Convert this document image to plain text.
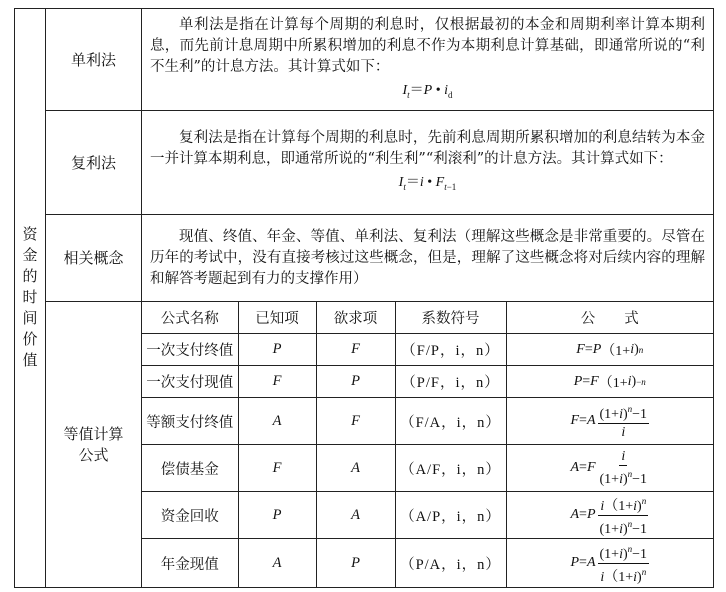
资
金
的
时
间
价
值
	单利法	

单利法是指在计算每个周期的利息时，仅根据最初的本金和周期利率计算本期利息，而先前计息周期中所累积增加的利息不作为本期利息计算基础，即通常所说的“利不生利”的计息方法。其计算式如下：

$I_t=P$ • $i_d$

复利法	

复利法是指在计算每个周期的利息时，先前利息周期所累积增加的利息结转为本金一并计算本期利息，即通常所说的“利生利”“利滚利”的计息方法。其计算式如下：

$I_t=i$ • $F_{t-1}$

相关概念	

现值、终值、年金、等值、单利法、复利法（理解这些概念是非常重要的。尽管在历年的考试中，没有直接考核过这些概念，但是，理解了这些概念将对后续内容的理解和解答考题起到有力的支撑作用）

等值计算
公式

公式名称	已知项	欲求项	系数符号	公　　式
一次支付终值	P	F	（F/P，i，n）	F = P （1+ i ) n

一次支付现值	F	P	（P/F，i，n）	P = F （1+ i ) −n

等额支付终值	A	F	（F/A，i，n）	F = A $\frac{(1+i)^n-1}{i}$

偿债基金	F	A	（A/F，i，n）	A = F $\frac{i}{(1+i)^n-1}$

资金回收	P	A	（A/P，i，n）	A = P $\frac{i(1+i)^n}{(1+i)^n-1}$

年金现值	A	P	（P/A，i，n）	P = A $\frac{(1+i)^n-1}{i(1+i)^n}$
